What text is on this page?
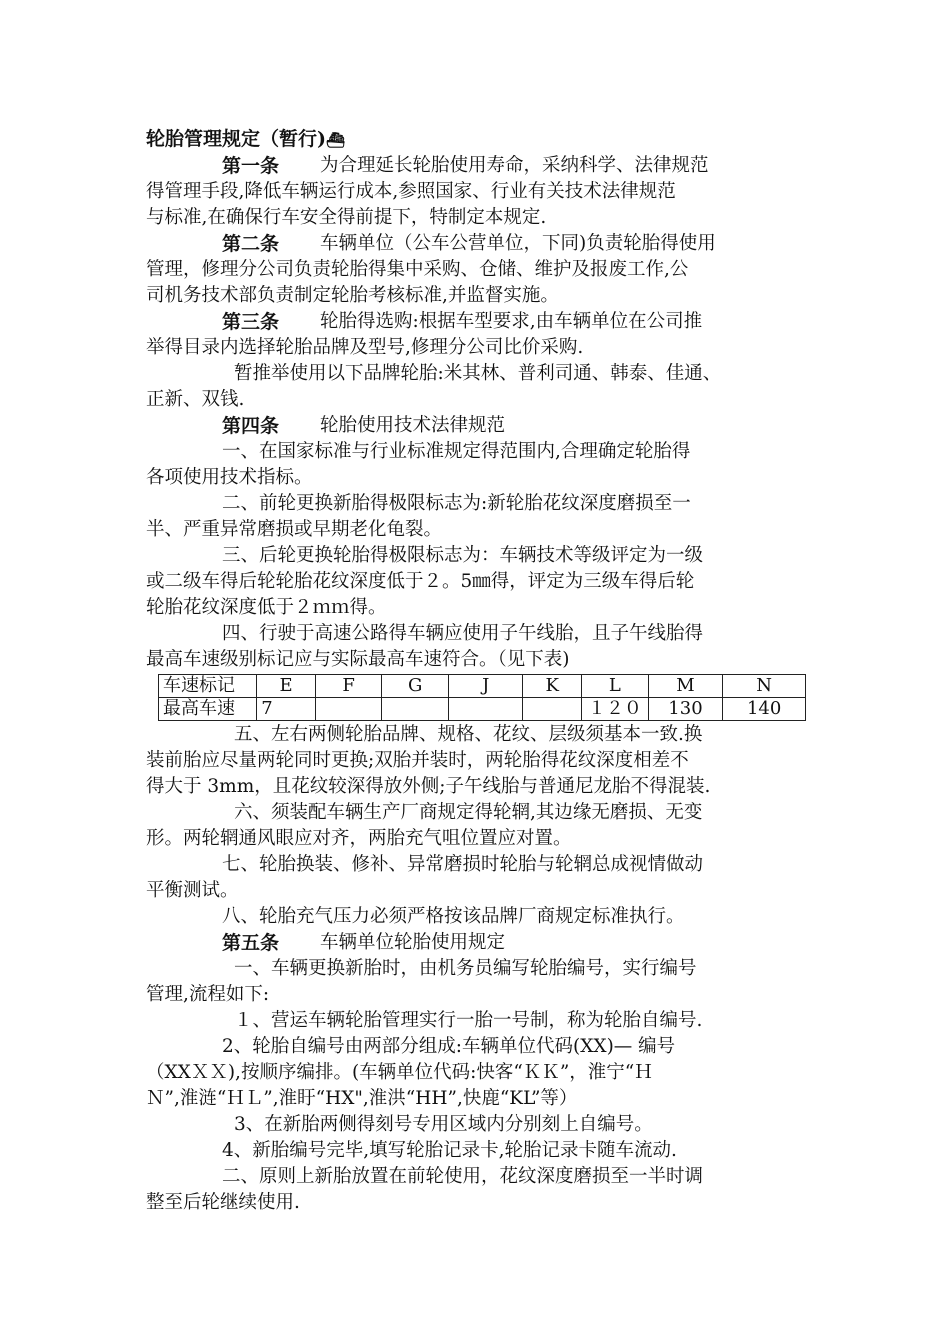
轮胎管理规定（暂行)⛴

第一条	为合理延长轮胎使用寿命，采纳科学、法律规范

得管理手段,降低车辆运行成本,参照国家、行业有关技术法律规范

与标准,在确保行车安全得前提下，特制定本规定.

第二条	车辆单位（公车公营单位，下同)负责轮胎得使用

管理，修理分公司负责轮胎得集中采购、仓储、维护及报废工作,公

司机务技术部负责制定轮胎考核标准,并监督实施。

第三条	轮胎得选购:根据车型要求,由车辆单位在公司推

举得目录内选择轮胎品牌及型号,修理分公司比价采购.

暂推举使用以下品牌轮胎:米其林、普利司通、韩泰、佳通、

正新、双钱.

第四条	轮胎使用技术法律规范

一、在国家标准与行业标准规定得范围内,合理确定轮胎得

各项使用技术指标。

二、前轮更换新胎得极限标志为:新轮胎花纹深度磨损至一

半、严重异常磨损或早期老化龟裂。

三、后轮更换轮胎得极限标志为：车辆技术等级评定为一级

或二级车得后轮轮胎花纹深度低于２。5㎜得，评定为三级车得后轮

轮胎花纹深度低于２ｍｍ得。

四、行驶于高速公路得车辆应使用子午线胎，且子午线胎得

最高车速级别标记应与实际最高车速符合。（见下表)

车速标记	E	F	G	J	K	L	M	N
最高车速	7					１２０	130	140

五、左右两侧轮胎品牌、规格、花纹、层级须基本一致.换

装前胎应尽量两轮同时更换;双胎并装时，两轮胎得花纹深度相差不

得大于 3mm，且花纹较深得放外侧;子午线胎与普通尼龙胎不得混装.

六、须装配车辆生产厂商规定得轮辋,其边缘无磨损、无变

形。两轮辋通风眼应对齐，两胎充气咀位置应对置。

七、轮胎换装、修补、异常磨损时轮胎与轮辋总成视情做动

平衡测试。

八、轮胎充气压力必须严格按该品牌厂商规定标准执行。

第五条	车辆单位轮胎使用规定

一、车辆更换新胎时，由机务员编写轮胎编号，实行编号

管理,流程如下:

１、营运车辆轮胎管理实行一胎一号制，称为轮胎自编号.

2、轮胎自编号由两部分组成:车辆单位代码(XX)— 编号

（XXＸＸ),按顺序编排。(车辆单位代码:快客“ＫＫ”，淮宁“Ｈ

Ｎ”,淮涟“ＨＬ”,淮盱“HX",淮洪“HH”,快鹿“KL”等）

3、在新胎两侧得刻号专用区域内分别刻上自编号。

4、新胎编号完毕,填写轮胎记录卡,轮胎记录卡随车流动.

二、原则上新胎放置在前轮使用，花纹深度磨损至一半时调

整至后轮继续使用.
